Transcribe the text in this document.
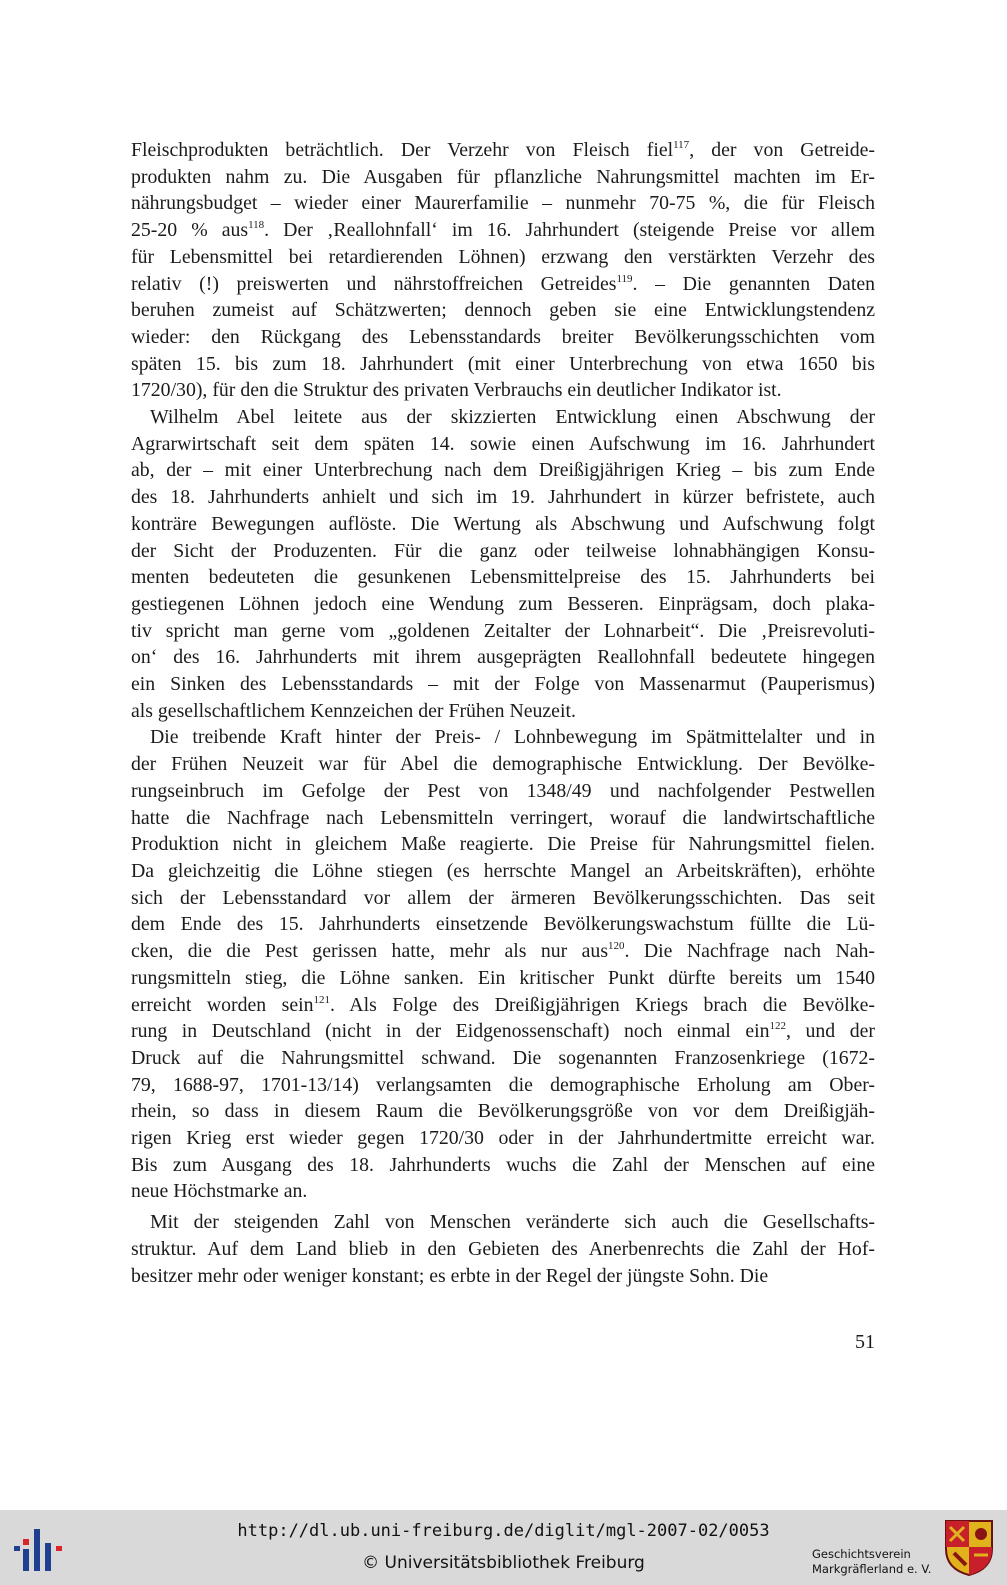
Fleischprodukten beträchtlich. Der Verzehr von Fleisch fiel$^{117}$, der von Getreide-
produkten nahm zu. Die Ausgaben für pflanzliche Nahrungsmittel machten im Er-
nährungsbudget – wieder einer Maurerfamilie – nunmehr 70-75 %, die für Fleisch
25-20 % aus$^{118}$. Der ‚Reallohnfall‘ im 16. Jahrhundert (steigende Preise vor allem
für Lebensmittel bei retardierenden Löhnen) erzwang den verstärkten Verzehr des
relativ (!) preiswerten und nährstoffreichen Getreides$^{119}$. – Die genannten Daten
beruhen zumeist auf Schätzwerten; dennoch geben sie eine Entwicklungstendenz
wieder: den Rückgang des Lebensstandards breiter Bevölkerungsschichten vom
späten 15. bis zum 18. Jahrhundert (mit einer Unterbrechung von etwa 1650 bis
1720/30), für den die Struktur des privaten Verbrauchs ein deutlicher Indikator ist.
Wilhelm Abel leitete aus der skizzierten Entwicklung einen Abschwung der
Agrarwirtschaft seit dem späten 14. sowie einen Aufschwung im 16. Jahrhundert
ab, der – mit einer Unterbrechung nach dem Dreißigjährigen Krieg – bis zum Ende
des 18. Jahrhunderts anhielt und sich im 19. Jahrhundert in kürzer befristete, auch
konträre Bewegungen auflöste. Die Wertung als Abschwung und Aufschwung folgt
der Sicht der Produzenten. Für die ganz oder teilweise lohnabhängigen Konsu-
menten bedeuteten die gesunkenen Lebensmittelpreise des 15. Jahrhunderts bei
gestiegenen Löhnen jedoch eine Wendung zum Besseren. Einprägsam, doch plaka-
tiv spricht man gerne vom „goldenen Zeitalter der Lohnarbeit“. Die ‚Preisrevoluti-
on‘ des 16. Jahrhunderts mit ihrem ausgeprägten Reallohnfall bedeutete hingegen
ein Sinken des Lebensstandards – mit der Folge von Massenarmut (Pauperismus)
als gesellschaftlichem Kennzeichen der Frühen Neuzeit.
Die treibende Kraft hinter der Preis- / Lohnbewegung im Spätmittelalter und in
der Frühen Neuzeit war für Abel die demographische Entwicklung. Der Bevölke-
rungseinbruch im Gefolge der Pest von 1348/49 und nachfolgender Pestwellen
hatte die Nachfrage nach Lebensmitteln verringert, worauf die landwirtschaftliche
Produktion nicht in gleichem Maße reagierte. Die Preise für Nahrungsmittel fielen.
Da gleichzeitig die Löhne stiegen (es herrschte Mangel an Arbeitskräften), erhöhte
sich der Lebensstandard vor allem der ärmeren Bevölkerungsschichten. Das seit
dem Ende des 15. Jahrhunderts einsetzende Bevölkerungswachstum füllte die Lü-
cken, die die Pest gerissen hatte, mehr als nur aus$^{120}$. Die Nachfrage nach Nah-
rungsmitteln stieg, die Löhne sanken. Ein kritischer Punkt dürfte bereits um 1540
erreicht worden sein$^{121}$. Als Folge des Dreißigjährigen Kriegs brach die Bevölke-
rung in Deutschland (nicht in der Eidgenossenschaft) noch einmal ein$^{122}$, und der
Druck auf die Nahrungsmittel schwand. Die sogenannten Franzosenkriege (1672-
79, 1688-97, 1701-13/14) verlangsamten die demographische Erholung am Ober-
rhein, so dass in diesem Raum die Bevölkerungsgröße von vor dem Dreißigjäh-
rigen Krieg erst wieder gegen 1720/30 oder in der Jahrhundertmitte erreicht war.
Bis zum Ausgang des 18. Jahrhunderts wuchs die Zahl der Menschen auf eine
neue Höchstmarke an.
Mit der steigenden Zahl von Menschen veränderte sich auch die Gesellschafts-
struktur. Auf dem Land blieb in den Gebieten des Anerbenrechts die Zahl der Hof-
besitzer mehr oder weniger konstant; es erbte in der Regel der jüngste Sohn. Die
51
http://dl.ub.uni-freiburg.de/diglit/mgl-2007-02/0053
© Universitätsbibliothek Freiburg	Geschichtsverein
Markgräflerland e. V.
